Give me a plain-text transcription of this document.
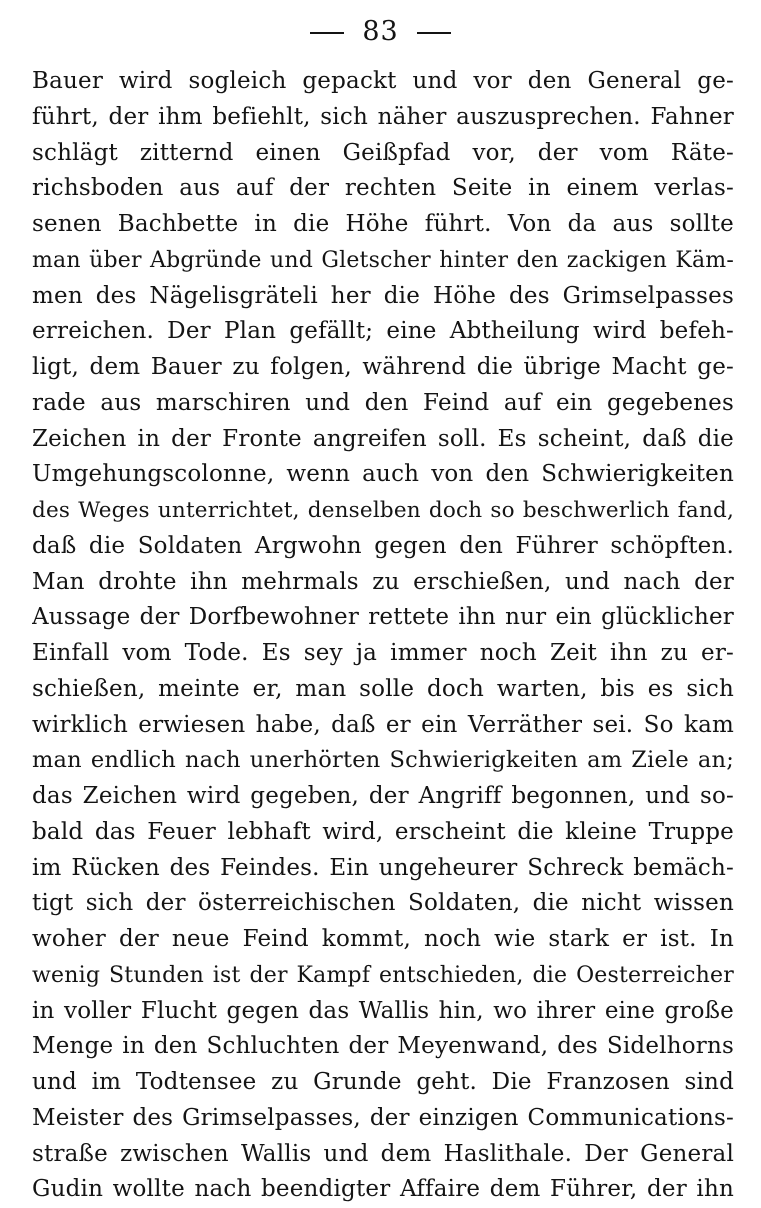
83
Bauer wird sogleich gepackt und vor den General ge-
führt, der ihm befiehlt, sich näher auszusprechen. Fahner
schlägt zitternd einen Geißpfad vor, der vom Räte-
richsboden aus auf der rechten Seite in einem verlas-
senen Bachbette in die Höhe führt. Von da aus sollte
man über Abgründe und Gletscher hinter den zackigen Käm-
men des Nägelisgräteli her die Höhe des Grimselpasses
erreichen. Der Plan gefällt; eine Abtheilung wird befeh-
ligt, dem Bauer zu folgen, während die übrige Macht ge-
rade aus marschiren und den Feind auf ein gegebenes
Zeichen in der Fronte angreifen soll. Es scheint, daß die
Umgehungscolonne, wenn auch von den Schwierigkeiten
des Weges unterrichtet, denselben doch so beschwerlich fand,
daß die Soldaten Argwohn gegen den Führer schöpften.
Man drohte ihn mehrmals zu erschießen, und nach der
Aussage der Dorfbewohner rettete ihn nur ein glücklicher
Einfall vom Tode. Es sey ja immer noch Zeit ihn zu er-
schießen, meinte er, man solle doch warten, bis es sich
wirklich erwiesen habe, daß er ein Verräther sei. So kam
man endlich nach unerhörten Schwierigkeiten am Ziele an;
das Zeichen wird gegeben, der Angriff begonnen, und so-
bald das Feuer lebhaft wird, erscheint die kleine Truppe
im Rücken des Feindes. Ein ungeheurer Schreck bemäch-
tigt sich der österreichischen Soldaten, die nicht wissen
woher der neue Feind kommt, noch wie stark er ist. In
wenig Stunden ist der Kampf entschieden, die Oesterreicher
in voller Flucht gegen das Wallis hin, wo ihrer eine große
Menge in den Schluchten der Meyenwand, des Sidelhorns
und im Todtensee zu Grunde geht. Die Franzosen sind
Meister des Grimselpasses, der einzigen Communications-
straße zwischen Wallis und dem Haslithale. Der General
Gudin wollte nach beendigter Affaire dem Führer, der ihn
